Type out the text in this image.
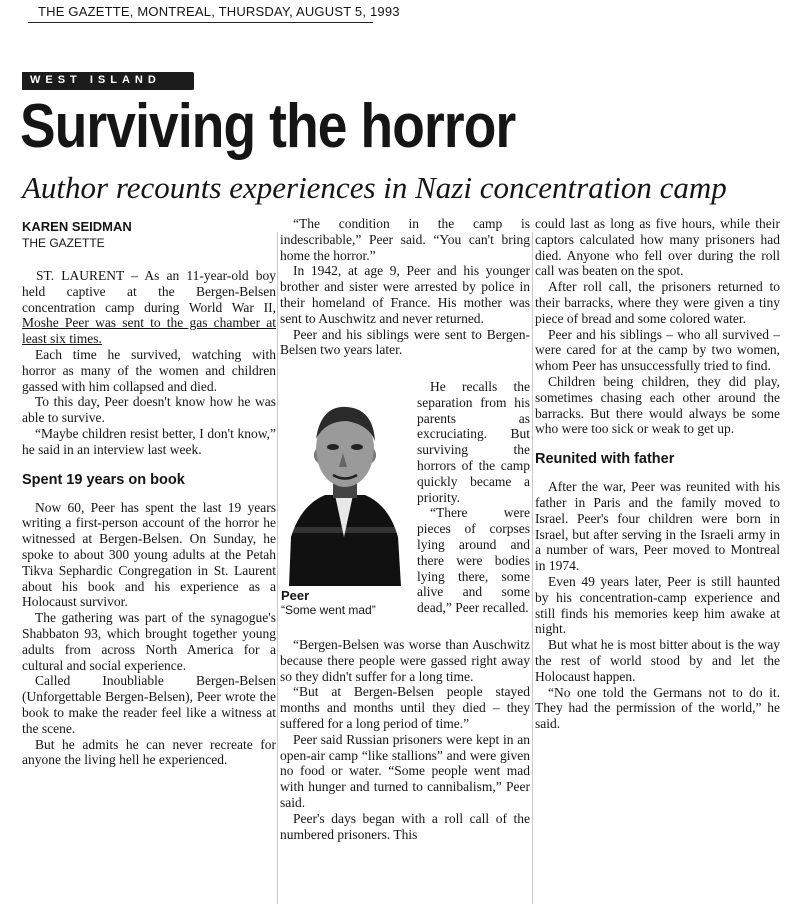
THE GAZETTE, MONTREAL, THURSDAY, AUGUST 5, 1993
WEST ISLAND
Surviving the horror
Author recounts experiences in Nazi concentration camp
KAREN SEIDMAN
THE GAZETTE

ST. LAURENT – As an 11-year-old boy held captive at the Bergen-Belsen concentration camp during World War II, Moshe Peer was sent to the gas chamber at least six times.

Each time he survived, watching with horror as many of the women and children gassed with him collapsed and died.

To this day, Peer doesn't know how he was able to survive.

“Maybe children resist better, I don't know,” he said in an interview last week.

Spent 19 years on book

Now 60, Peer has spent the last 19 years writing a first-person account of the horror he witnessed at Bergen-Belsen. On Sunday, he spoke to about 300 young adults at the Petah Tikva Sephardic Congregation in St. Laurent about his book and his experience as a Holocaust survivor.

The gathering was part of the synagogue's Shabbaton 93, which brought together young adults from across North America for a cultural and social experience.

Called Inoubliable Bergen-Belsen (Unforgettable Bergen-Belsen), Peer wrote the book to make the reader feel like a witness at the scene.

But he admits he can never recreate for anyone the living hell he experienced.

“The condition in the camp is indescribable,” Peer said. “You can't bring home the horror.”

In 1942, at age 9, Peer and his younger brother and sister were arrested by police in their homeland of France. His mother was sent to Auschwitz and never returned.

Peer and his siblings were sent to Bergen-Belsen two years later.

He recalls the separation from his parents as excruciating. But surviving the horrors of the camp quickly became a priority.

“There were pieces of corpses lying around and there were bodies lying there, some alive and some dead,” Peer recalled.

Peer
“Some went mad”

“Bergen-Belsen was worse than Auschwitz because there people were gassed right away so they didn't suffer for a long time.

“But at Bergen-Belsen people stayed months and months until they died – they suffered for a long period of time.”

Peer said Russian prisoners were kept in an open-air camp “like stallions” and were given no food or water. “Some people went mad with hunger and turned to cannibalism,” Peer said.

Peer's days began with a roll call of the numbered prisoners. This

could last as long as five hours, while their captors calculated how many prisoners had died. Anyone who fell over during the roll call was beaten on the spot.

After roll call, the prisoners returned to their barracks, where they were given a tiny piece of bread and some colored water.

Peer and his siblings – who all survived – were cared for at the camp by two women, whom Peer has unsuccessfully tried to find.

Children being children, they did play, sometimes chasing each other around the barracks. But there would always be some who were too sick or weak to get up.

Reunited with father

After the war, Peer was reunited with his father in Paris and the family moved to Israel. Peer's four children were born in Israel, but after serving in the Israeli army in a number of wars, Peer moved to Montreal in 1974.

Even 49 years later, Peer is still haunted by his concentration-camp experience and still finds his memories keep him awake at night.

But what he is most bitter about is the way the rest of world stood by and let the Holocaust happen.

“No one told the Germans not to do it. They had the permission of the world,” he said.
